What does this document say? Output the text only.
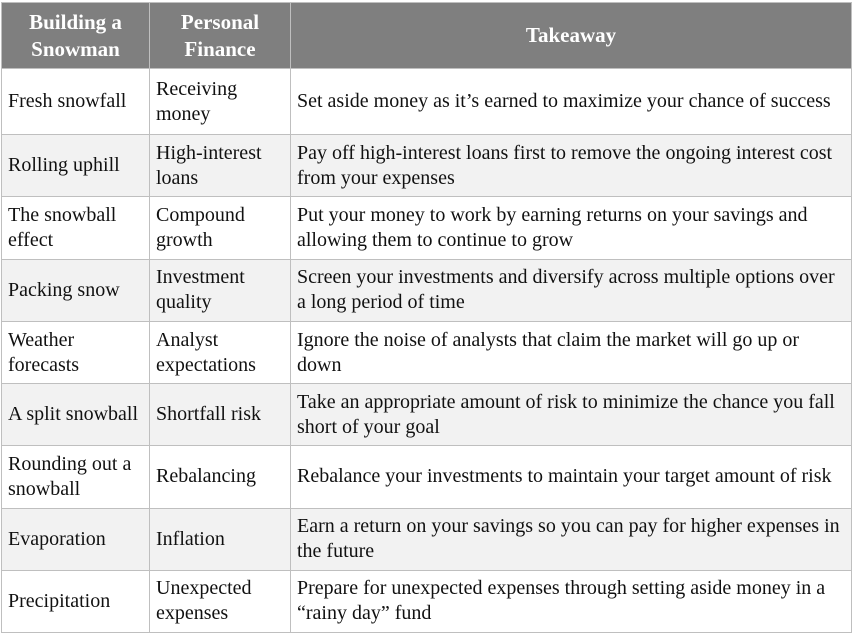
Building a Snowman	Personal Finance	Takeaway
Fresh snowfall	Receiving money	Set aside money as it’s earned to maximize your chance of success
Rolling uphill	High-interest loans	Pay off high-interest loans first to remove the ongoing interest cost from your expenses
The snowball effect	Compound growth	Put your money to work by earning returns on your savings and allowing them to continue to grow
Packing snow	Investment quality	Screen your investments and diversify across multiple options over a long period of time
Weather forecasts	Analyst expectations	Ignore the noise of analysts that claim the market will go up or down
A split snowball	Shortfall risk	Take an appropriate amount of risk to minimize the chance you fall short of your goal
Rounding out a snowball	Rebalancing	Rebalance your investments to maintain your target amount of risk
Evaporation	Inflation	Earn a return on your savings so you can pay for higher expenses in the future
Precipitation	Unexpected expenses	Prepare for unexpected expenses through setting aside money in a “rainy day” fund
